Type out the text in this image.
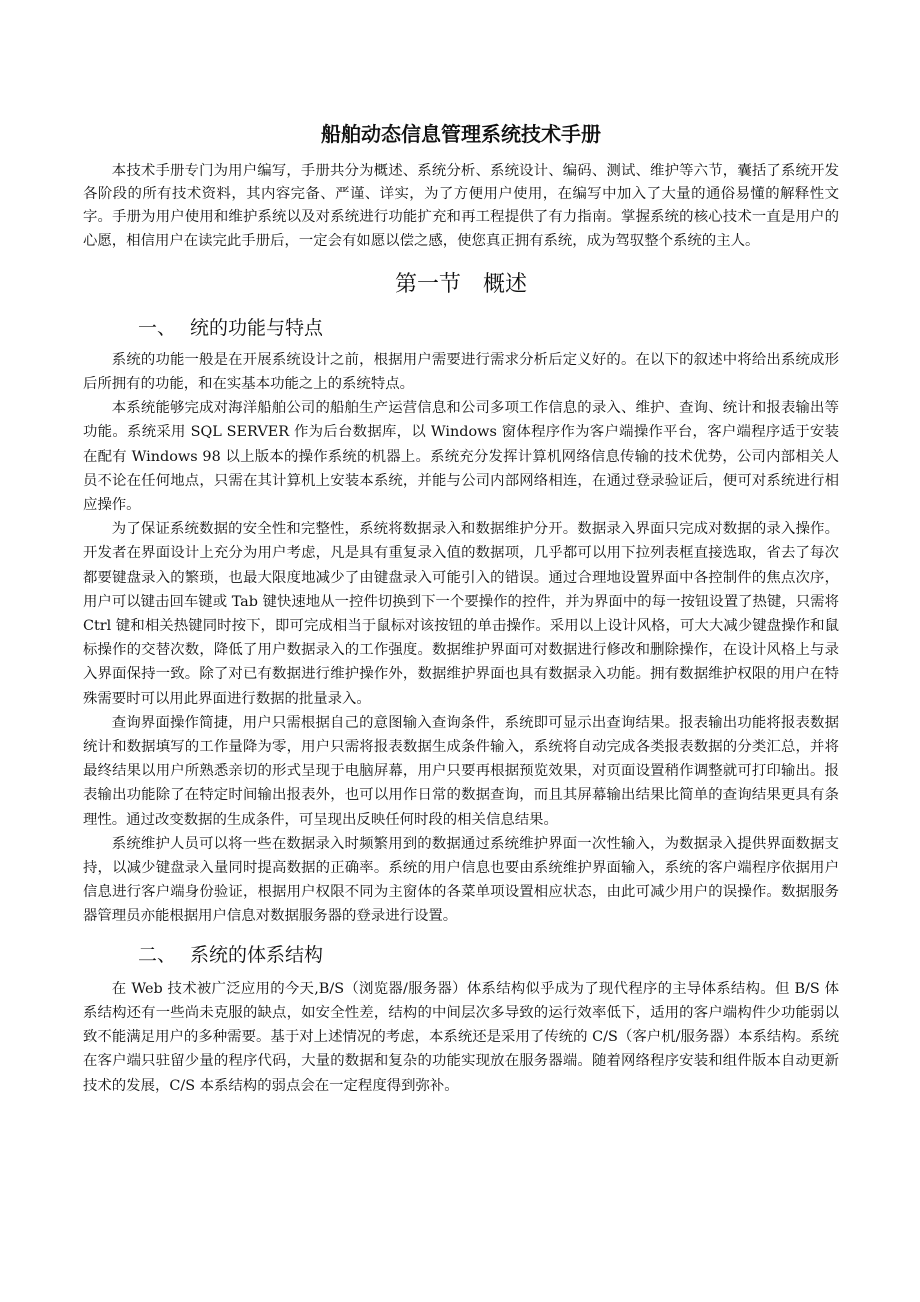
船舶动态信息管理系统技术手册

本技术手册专门为用户编写，手册共分为概述、系统分析、系统设计、编码、测试、维护等六节，囊括了系统开发各阶段的所有技术资料，其内容完备、严谨、详实，为了方便用户使用，在编写中加入了大量的通俗易懂的解释性文字。手册为用户使用和维护系统以及对系统进行功能扩充和再工程提供了有力指南。掌握系统的核心技术一直是用户的心愿，相信用户在读完此手册后，一定会有如愿以偿之感，使您真正拥有系统，成为驾驭整个系统的主人。

第一节　概述
一、 统的功能与特点

系统的功能一般是在开展系统设计之前，根据用户需要进行需求分析后定义好的。在以下的叙述中将给出系统成形后所拥有的功能，和在实基本功能之上的系统特点。

本系统能够完成对海洋船舶公司的船舶生产运营信息和公司多项工作信息的录入、维护、查询、统计和报表输出等功能。系统采用 SQL SERVER 作为后台数据库，以 Windows 窗体程序作为客户端操作平台，客户端程序适于安装在配有 Windows 98 以上版本的操作系统的机器上。系统充分发挥计算机网络信息传输的技术优势，公司内部相关人员不论在任何地点，只需在其计算机上安装本系统，并能与公司内部网络相连，在通过登录验证后，便可对系统进行相应操作。

为了保证系统数据的安全性和完整性，系统将数据录入和数据维护分开。数据录入界面只完成对数据的录入操作。开发者在界面设计上充分为用户考虑，凡是具有重复录入值的数据项，几乎都可以用下拉列表框直接选取，省去了每次都要键盘录入的繁琐，也最大限度地减少了由键盘录入可能引入的错误。通过合理地设置界面中各控制件的焦点次序，用户可以键击回车键或 Tab 键快速地从一控件切换到下一个要操作的控件，并为界面中的每一按钮设置了热键，只需将 Ctrl 键和相关热键同时按下，即可完成相当于鼠标对该按钮的单击操作。采用以上设计风格，可大大减少键盘操作和鼠标操作的交替次数，降低了用户数据录入的工作强度。数据维护界面可对数据进行修改和删除操作，在设计风格上与录入界面保持一致。除了对已有数据进行维护操作外，数据维护界面也具有数据录入功能。拥有数据维护权限的用户在特殊需要时可以用此界面进行数据的批量录入。

查询界面操作简捷，用户只需根据自己的意图输入查询条件，系统即可显示出查询结果。报表输出功能将报表数据统计和数据填写的工作量降为零，用户只需将报表数据生成条件输入，系统将自动完成各类报表数据的分类汇总，并将最终结果以用户所熟悉亲切的形式呈现于电脑屏幕，用户只要再根据预览效果，对页面设置稍作调整就可打印输出。报表输出功能除了在特定时间输出报表外，也可以用作日常的数据查询，而且其屏幕输出结果比简单的查询结果更具有条理性。通过改变数据的生成条件，可呈现出反映任何时段的相关信息结果。

系统维护人员可以将一些在数据录入时频繁用到的数据通过系统维护界面一次性输入，为数据录入提供界面数据支持，以减少键盘录入量同时提高数据的正确率。系统的用户信息也要由系统维护界面输入，系统的客户端程序依据用户信息进行客户端身份验证，根据用户权限不同为主窗体的各菜单项设置相应状态，由此可减少用户的误操作。数据服务器管理员亦能根据用户信息对数据服务器的登录进行设置。

二、 系统的体系结构

在 Web 技术被广泛应用的今天,B/S（浏览器/服务器）体系结构似乎成为了现代程序的主导体系结构。但 B/S 体系结构还有一些尚未克服的缺点，如安全性差，结构的中间层次多导致的运行效率低下，适用的客户端构件少功能弱以致不能满足用户的多种需要。基于对上述情况的考虑，本系统还是采用了传统的 C/S（客户机/服务器）本系结构。系统在客户端只驻留少量的程序代码，大量的数据和复杂的功能实现放在服务器端。随着网络程序安装和组件版本自动更新技术的发展，C/S 本系结构的弱点会在一定程度得到弥补。
